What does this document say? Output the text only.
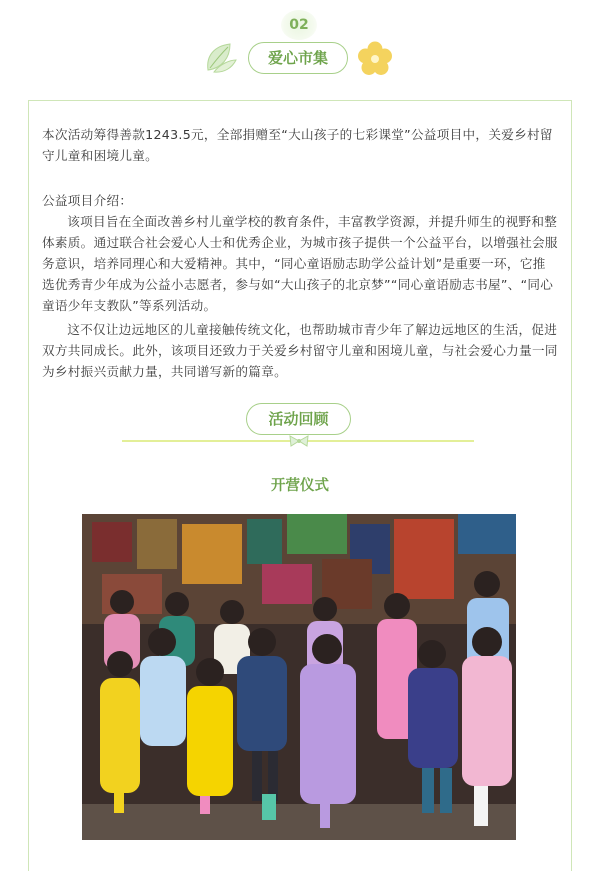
02
爱心市集
本次活动筹得善款1243.5元，全部捐赠至“大山孩子的七彩课堂”公益项目中，关爱乡村留守儿童和困境儿童。
公益项目介绍：
该项目旨在全面改善乡村儿童学校的教育条件，丰富教学资源，并提升师生的视野和整体素质。通过联合社会爱心人士和优秀企业，为城市孩子提供一个公益平台，以增强社会服务意识，培养同理心和大爱精神。其中，“同心童语励志助学公益计划”是重要一环，它推选优秀青少年成为公益小志愿者，参与如“大山孩子的北京梦”“同心童语励志书屋”、“同心童语少年支教队”等系列活动。
这不仅让边远地区的儿童接触传统文化，也帮助城市青少年了解边远地区的生活，促进双方共同成长。此外，该项目还致力于关爱乡村留守儿童和困境儿童，与社会爱心力量一同为乡村振兴贡献力量，共同谱写新的篇章。
活动回顾
开营仪式
